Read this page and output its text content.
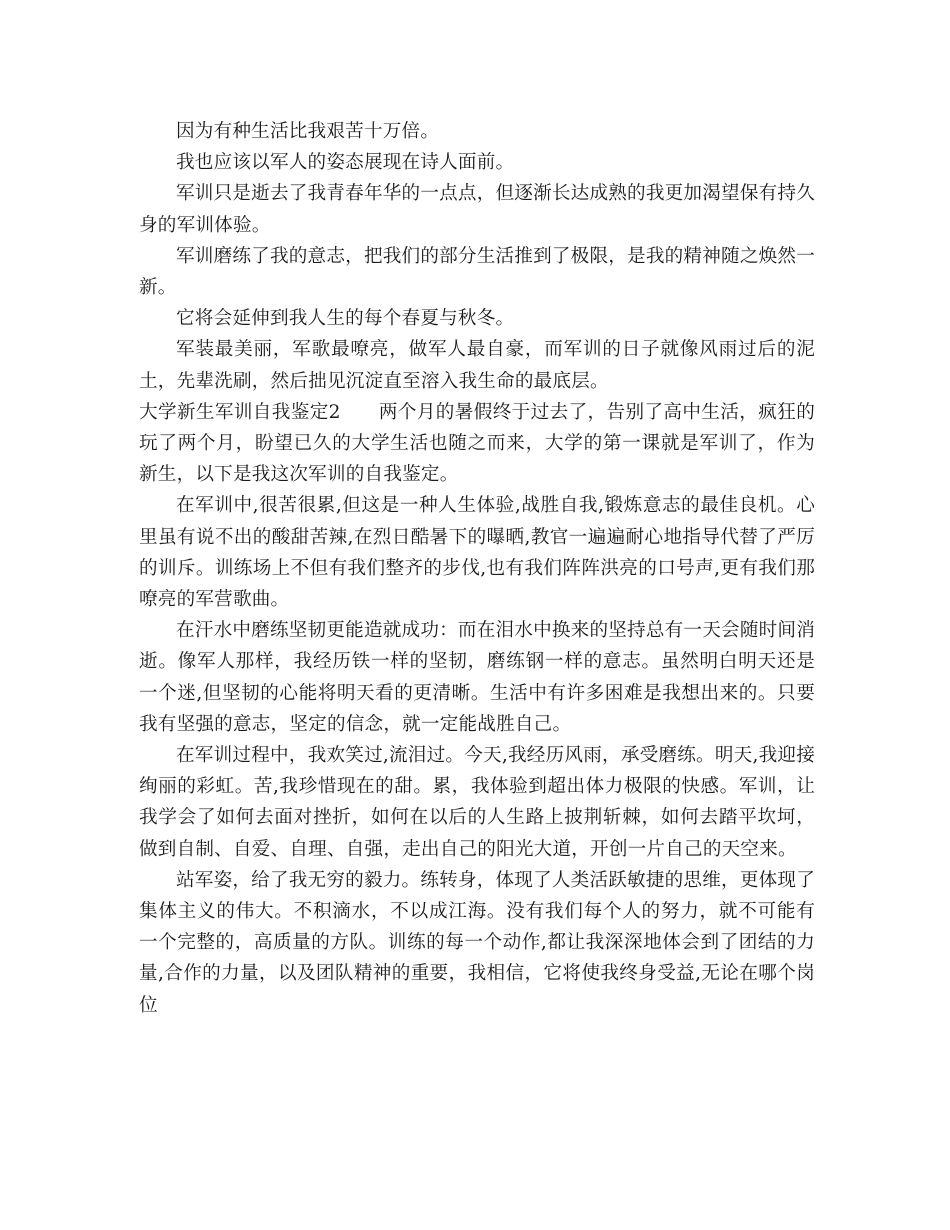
因为有种生活比我艰苦十万倍。

我也应该以军人的姿态展现在诗人面前。

军训只是逝去了我青春年华的一点点，但逐渐长达成熟的我更加渴望保有持久身的军训体验。

军训磨练了我的意志，把我们的部分生活推到了极限，是我的精神随之焕然一新。

它将会延伸到我人生的每个春夏与秋冬。

军装最美丽，军歌最嘹亮，做军人最自豪，而军训的日子就像风雨过后的泥土，先辈洗刷，然后拙见沉淀直至溶入我生命的最底层。

大学新生军训自我鉴定2 两个月的暑假终于过去了，告别了高中生活，疯狂的玩了两个月，盼望已久的大学生活也随之而来，大学的第一课就是军训了，作为新生，以下是我这次军训的自我鉴定。

在军训中,很苦很累,但这是一种人生体验,战胜自我,锻炼意志的最佳良机。心里虽有说不出的酸甜苦辣,在烈日酷暑下的曝晒,教官一遍遍耐心地指导代替了严厉的训斥。训练场上不但有我们整齐的步伐,也有我们阵阵洪亮的口号声,更有我们那嘹亮的军营歌曲。

在汗水中磨练坚韧更能造就成功：而在泪水中换来的坚持总有一天会随时间消逝。像军人那样，我经历铁一样的坚韧，磨练钢一样的意志。虽然明白明天还是一个迷,但坚韧的心能将明天看的更清晰。生活中有许多困难是我想出来的。只要我有坚强的意志，坚定的信念，就一定能战胜自己。

在军训过程中，我欢笑过,流泪过。今天,我经历风雨，承受磨练。明天,我迎接绚丽的彩虹。苦,我珍惜现在的甜。累，我体验到超出体力极限的快感。军训，让我学会了如何去面对挫折，如何在以后的人生路上披荆斩棘，如何去踏平坎坷，做到自制、自爱、自理、自强，走出自己的阳光大道，开创一片自己的天空来。

站军姿，给了我无穷的毅力。练转身，体现了人类活跃敏捷的思维，更体现了集体主义的伟大。不积滴水，不以成江海。没有我们每个人的努力，就不可能有一个完整的，高质量的方队。训练的每一个动作,都让我深深地体会到了团结的力量,合作的力量，以及团队精神的重要，我相信，它将使我终身受益,无论在哪个岗位
